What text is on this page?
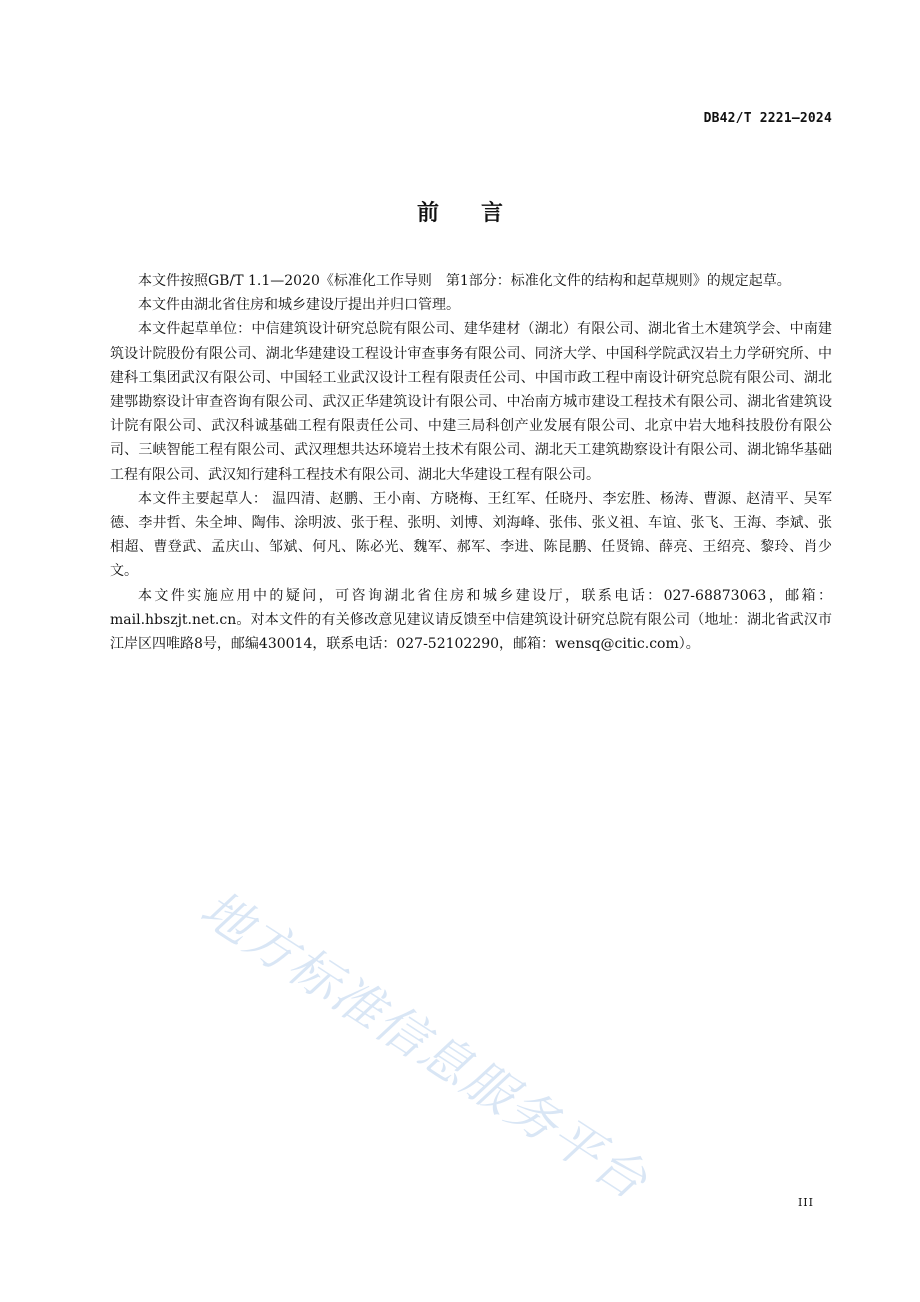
DB42/T 2221—2024
前言

本文件按照GB/T 1.1—2020《标准化工作导则　第1部分：标准化文件的结构和起草规则》的规定起草。

本文件由湖北省住房和城乡建设厅提出并归口管理。

本文件起草单位：中信建筑设计研究总院有限公司、建华建材（湖北）有限公司、湖北省土木建筑学会、中南建筑设计院股份有限公司、湖北华建建设工程设计审查事务有限公司、同济大学、中国科学院武汉岩土力学研究所、中建科工集团武汉有限公司、中国轻工业武汉设计工程有限责任公司、中国市政工程中南设计研究总院有限公司、湖北建鄂勘察设计审查咨询有限公司、武汉正华建筑设计有限公司、中冶南方城市建设工程技术有限公司、湖北省建筑设计院有限公司、武汉科诚基础工程有限责任公司、中建三局科创产业发展有限公司、北京中岩大地科技股份有限公司、三峡智能工程有限公司、武汉理想共达环境岩土技术有限公司、湖北天工建筑勘察设计有限公司、湖北锦华基础工程有限公司、武汉知行建科工程技术有限公司、湖北大华建设工程有限公司。

本文件主要起草人： 温四清、赵鹏、王小南、方晓梅、王红军、任晓丹、李宏胜、杨涛、曹源、赵清平、吴军德、李井哲、朱全坤、陶伟、涂明波、张于程、张明、刘博、刘海峰、张伟、张义祖、车谊、张飞、王海、李斌、张相超、曹登武、孟庆山、邹斌、何凡、陈必光、魏军、郝军、李进、陈昆鹏、任贤锦、薛亮、王绍亮、黎玲、肖少文。

本文件实施应用中的疑问，可咨询湖北省住房和城乡建设厅，联系电话：027-68873063，邮箱：mail.hbszjt.net.cn。对本文件的有关修改意见建议请反馈至中信建筑设计研究总院有限公司（地址：湖北省武汉市江岸区四唯路8号，邮编430014，联系电话：027-52102290，邮箱：wensq@citic.com）。

地方标准信息服务平台	III
